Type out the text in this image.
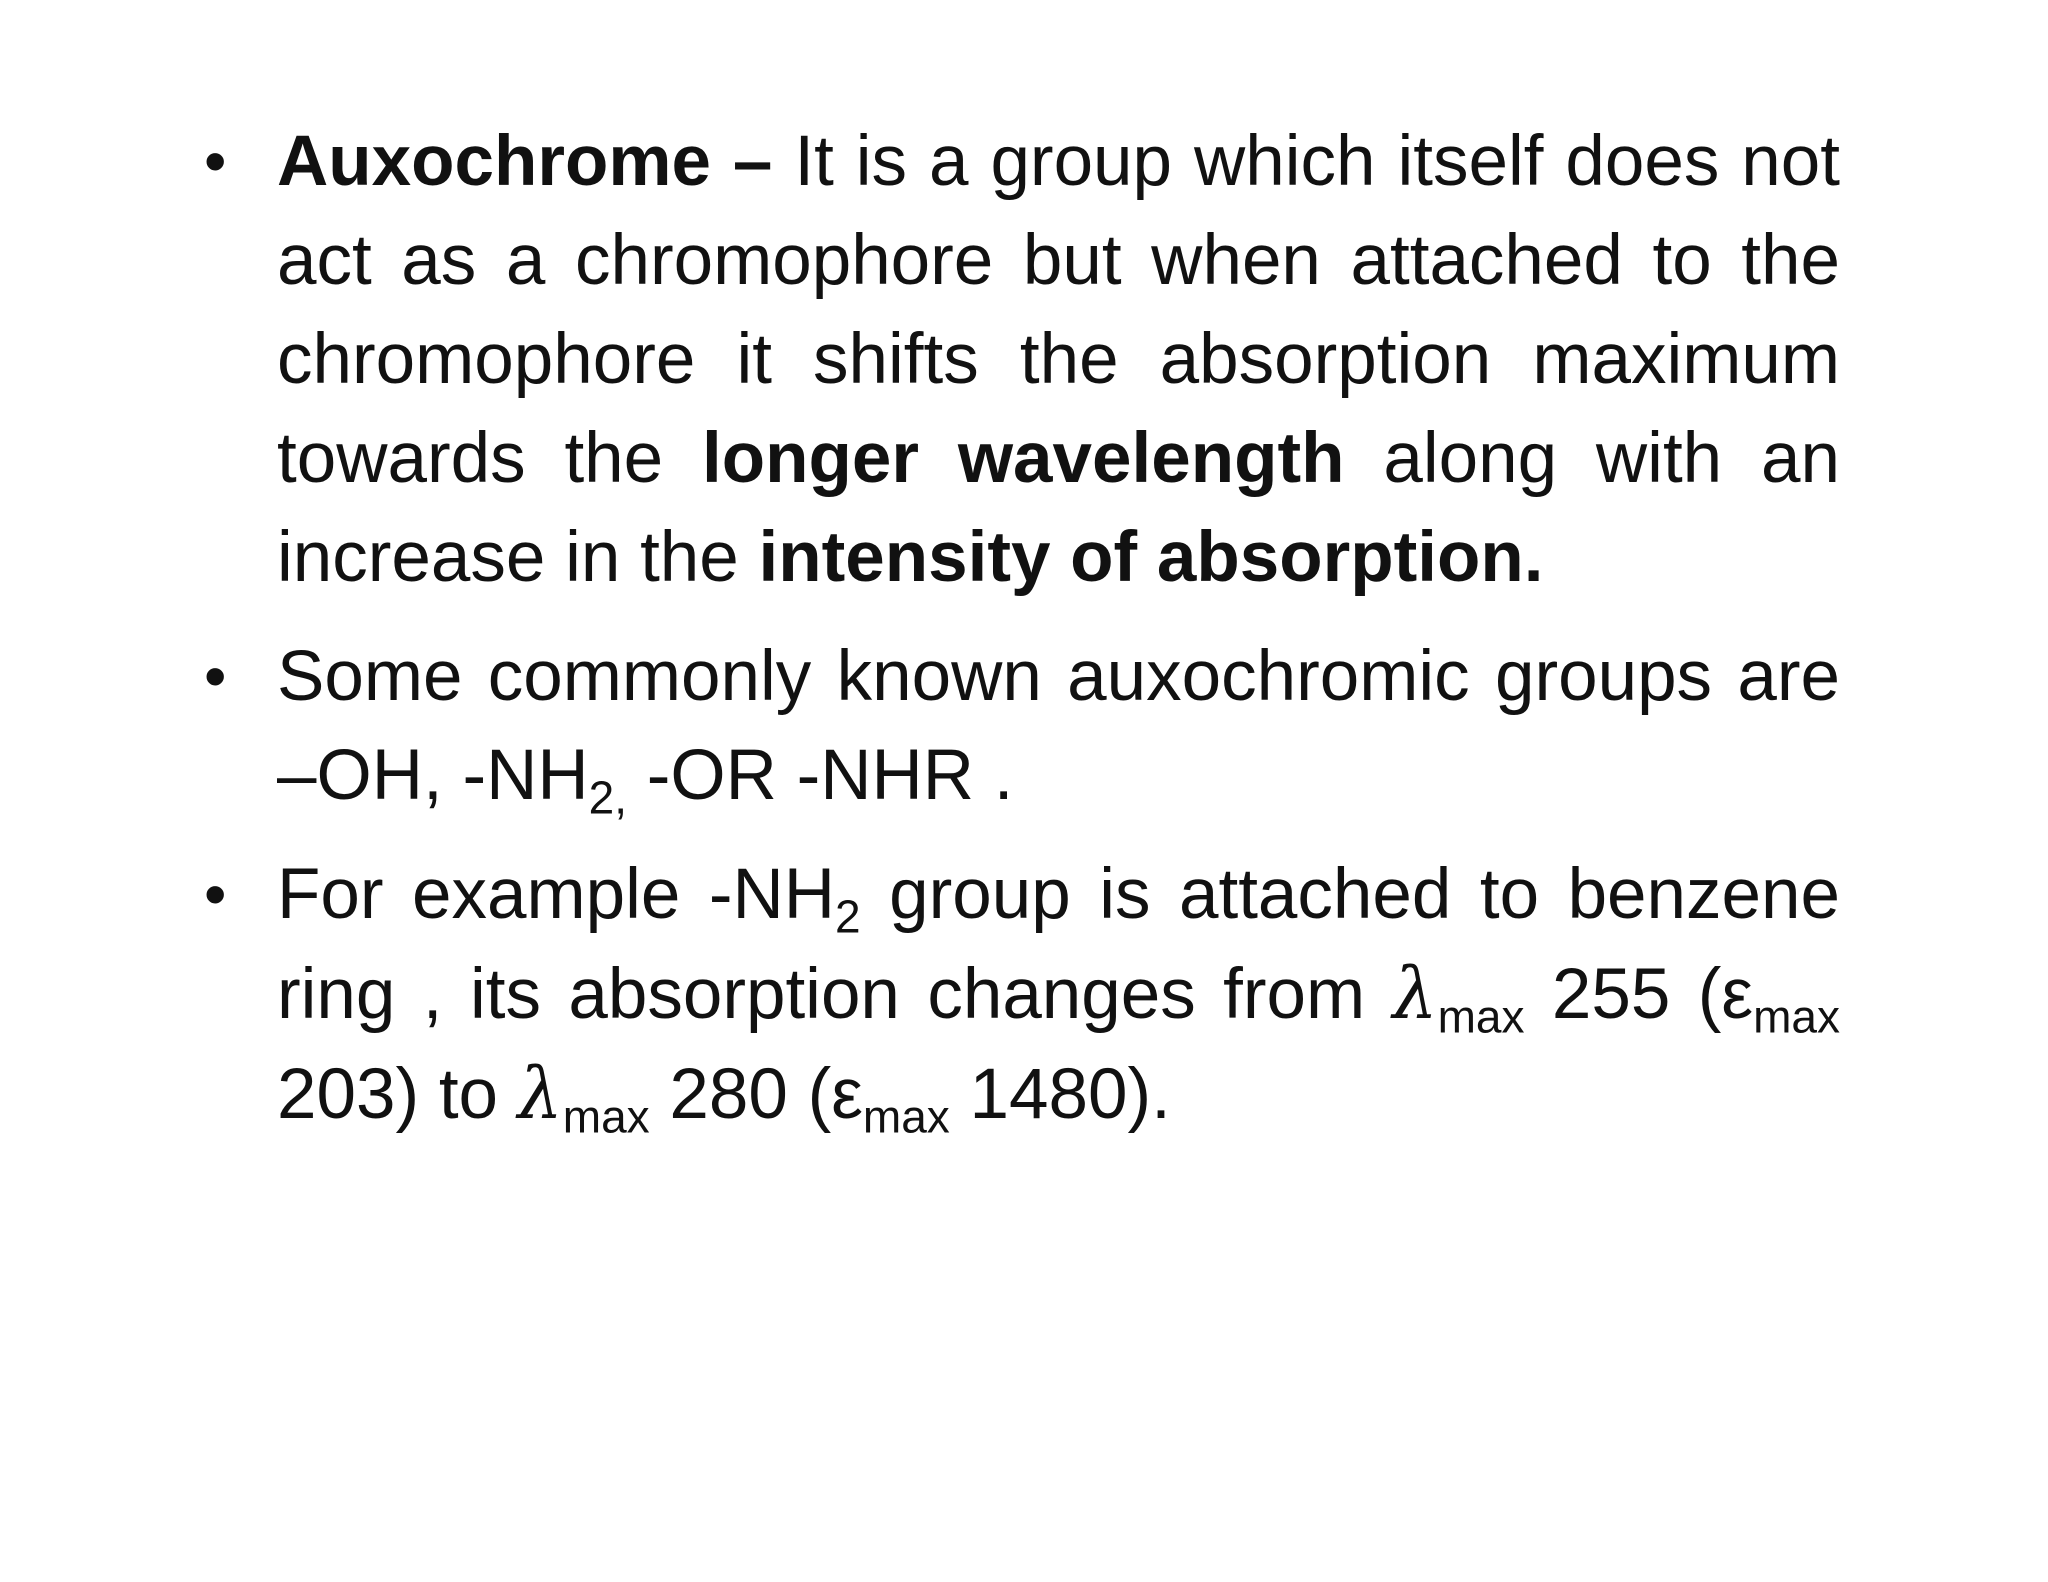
• Auxochrome – It is a group which itself does not act as a chromophore but when attached to the chromophore it shifts the absorption maximum towards the longer wavelength along with an increase in the intensity of absorption.
• Some commonly known auxochromic groups are –OH, $-NH_{2,}$ -OR -NHR .
• For example $-NH_2$ group is attached to benzene ring , its absorption changes from $\lambda_{max}$ 255 ($\varepsilon_{max}$ 203) to $\lambda_{max}$ 280 ($\varepsilon_{max}$ 1480).
